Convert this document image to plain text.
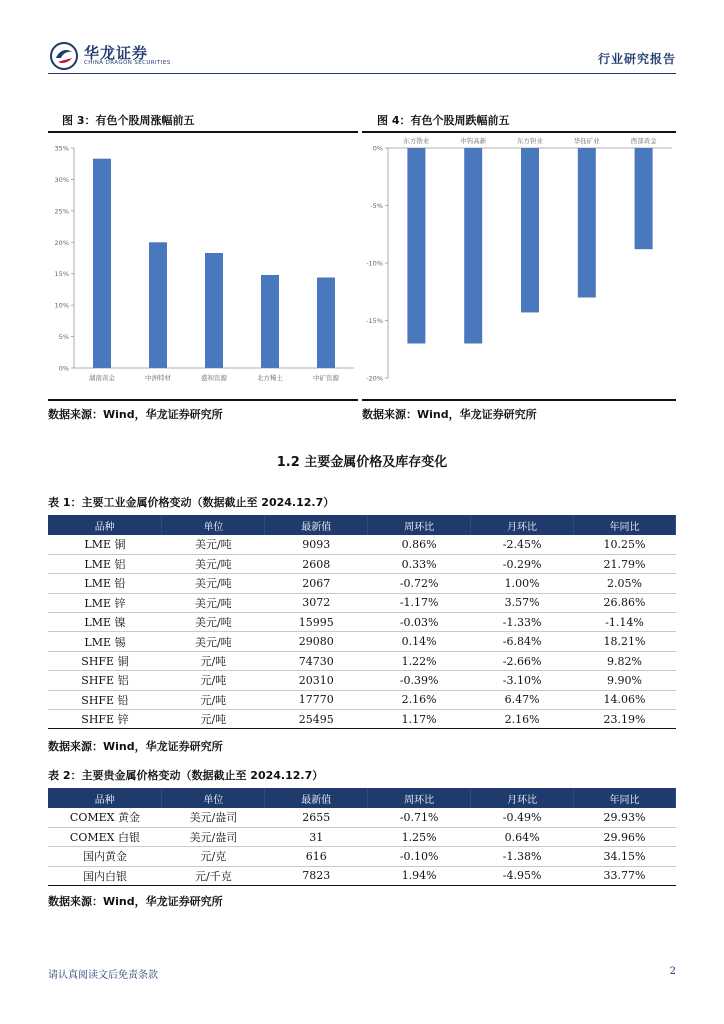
华龙证券
CHINA DRAGON SECURITIES	行业研究报告
图 3：有色个股周涨幅前五
0%
5%
10%
15%
20%
25%
30%
35%
湖南黄金	中洲特材	盛和资源	北方稀土	中矿资源
数据来源：Wind，华龙证券研究所
图 4：有色个股周跌幅前五
0%
-5%
-10%
-15%
-20%
东方锆业	中钨高新	东方钽业	华钰矿业	西部黄金
数据来源：Wind，华龙证券研究所
1.2 主要金属价格及库存变化
表 1：主要工业金属价格变动（数据截止至 2024.12.7）
品种	单位	最新值	周环比	月环比	年同比
LME 铜	美元/吨	9093	0.86%	-2.45%	10.25%
LME 铝	美元/吨	2608	0.33%	-0.29%	21.79%
LME 铅	美元/吨	2067	-0.72%	1.00%	2.05%
LME 锌	美元/吨	3072	-1.17%	3.57%	26.86%
LME 镍	美元/吨	15995	-0.03%	-1.33%	-1.14%
LME 锡	美元/吨	29080	0.14%	-6.84%	18.21%
SHFE 铜	元/吨	74730	1.22%	-2.66%	9.82%
SHFE 铝	元/吨	20310	-0.39%	-3.10%	9.90%
SHFE 铅	元/吨	17770	2.16%	6.47%	14.06%
SHFE 锌	元/吨	25495	1.17%	2.16%	23.19%
数据来源：Wind，华龙证券研究所
表 2：主要贵金属价格变动（数据截止至 2024.12.7）
品种	单位	最新值	周环比	月环比	年同比
COMEX 黄金	美元/盎司	2655	-0.71%	-0.49%	29.93%
COMEX 白银	美元/盎司	31	1.25%	0.64%	29.96%
国内黄金	元/克	616	-0.10%	-1.38%	34.15%
国内白银	元/千克	7823	1.94%	-4.95%	33.77%
数据来源：Wind，华龙证券研究所
请认真阅读文后免责条款	2
